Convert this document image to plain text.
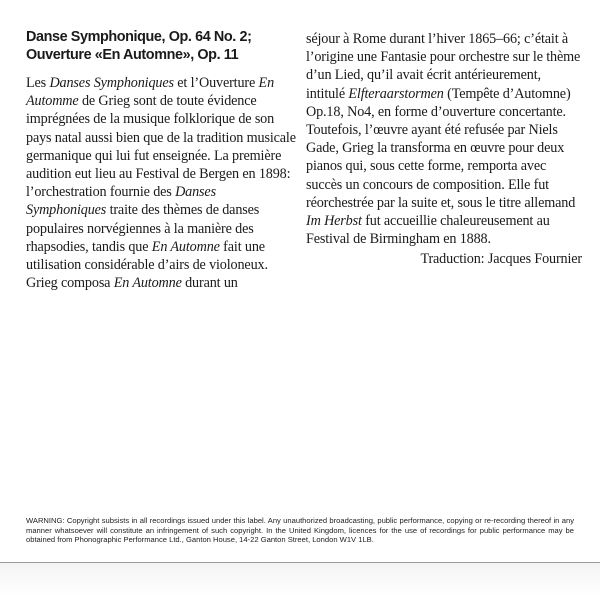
Danse Symphonique, Op. 64 No. 2;
Ouverture «En Automne», Op. 11

Les Danses Symphoniques et l’Ouverture En Automme de Grieg sont de toute évidence imprégnées de la musique folklorique de son pays natal aussi bien que de la tradition musicale germanique qui lui fut enseignée. La première audition eut lieu au Festival de Bergen en 1898: l’orchestration fournie des Danses Symphoniques traite des thèmes de danses populaires norvégiennes à la manière des rhapsodies, tandis que En Automne fait une utilisation considérable d’airs de violoneux. Grieg composa En Automne durant un

séjour à Rome durant l’hiver 1865–66; c’était à l’origine une Fantasie pour orchestre sur le thème d’un Lied, qu’il avait écrit antérieurement, intitulé Elfteraarstormen (Tempête d’Automne) Op.18, No4, en forme d’ouverture concertante. Toutefois, l’œuvre ayant été refusée par Niels Gade, Grieg la transforma en œuvre pour deux pianos qui, sous cette forme, remporta avec succès un concours de composition. Elle fut réorchestrée par la suite et, sous le titre allemand Im Herbst fut accueillie chaleureusement au Festival de Birmingham en 1888.

Traduction: Jacques Fournier
WARNING: Copyright subsists in all recordings issued under this label. Any unauthorized broadcasting, public performance, copying or re-recording thereof in any manner whatsoever will constitute an infringement of such copyright. In the United Kingdom, licences for the use of recordings for public performance may be obtained from Phonographic Performance Ltd., Ganton House, 14-22 Ganton Street, London W1V 1LB.
